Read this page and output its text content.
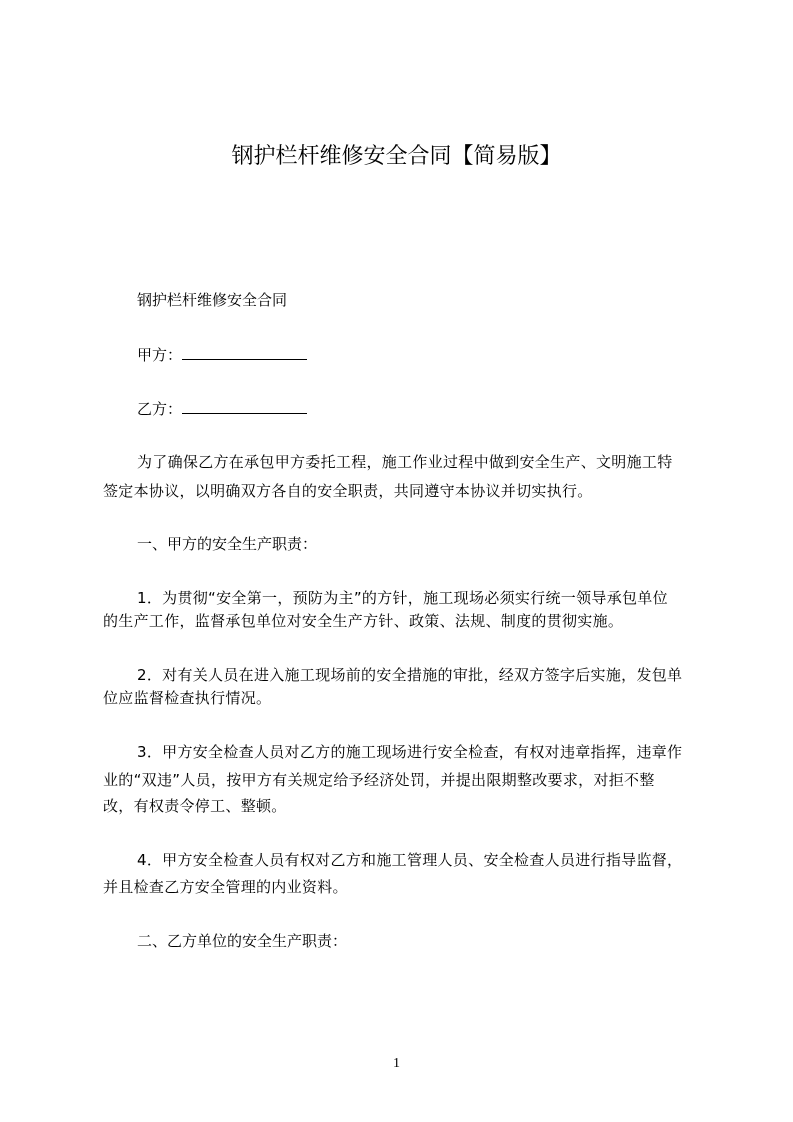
钢护栏杆维修安全合同【简易版】
钢护栏杆维修安全合同
甲方：
乙方：
为了确保乙方在承包甲方委托工程，施工作业过程中做到安全生产、文明施工特
签定本协议，以明确双方各自的安全职责，共同遵守本协议并切实执行。
一、甲方的安全生产职责：
1．为贯彻“安全第一，预防为主”的方针，施工现场必须实行统一领导承包单位
的生产工作，监督承包单位对安全生产方针、政策、法规、制度的贯彻实施。
2．对有关人员在进入施工现场前的安全措施的审批，经双方签字后实施，发包单
位应监督检查执行情况。
3．甲方安全检查人员对乙方的施工现场进行安全检查，有权对违章指挥，违章作
业的“双违”人员，按甲方有关规定给予经济处罚，并提出限期整改要求，对拒不整
改，有权责令停工、整顿。
4．甲方安全检查人员有权对乙方和施工管理人员、安全检查人员进行指导监督，
并且检查乙方安全管理的内业资料。
二、乙方单位的安全生产职责：
1
